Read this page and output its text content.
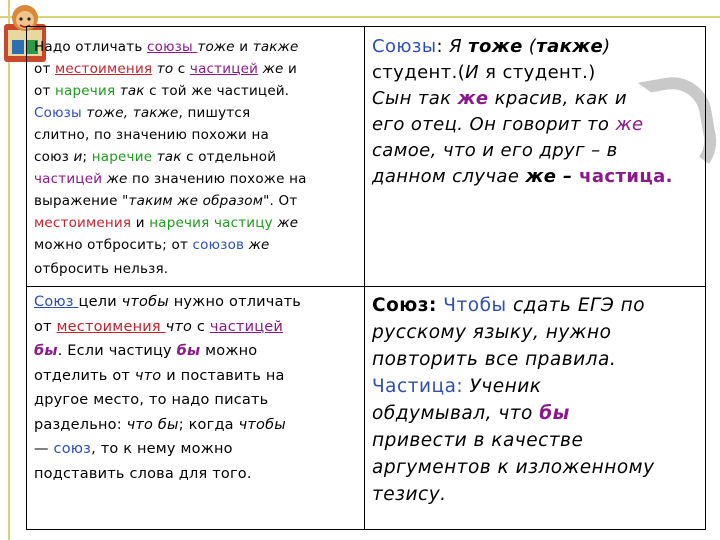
Надо отличать союзы тоже и также
от местоимения то с частицей же и
от наречия так с той же частицей.
Союзы тоже, также, пишутся
слитно, по значению похожи на
союз и; наречие так с отдельной
частицей же по значению похоже на
выражение "таким же образом". От
местоимения и наречия частицу же
можно отбросить; от союзов же
отбросить нельзя.
Союзы: Я тоже (также)
студент.(И я студент.)
Сын так же красив, как и
его отец. Он говорит то же
самое, что и его друг – в
данном случае же – частица.
Союз цели чтобы нужно отличать
от местоимения что с частицей
бы. Если частицу бы можно
отделить от что и поставить на
другое место, то надо писать
раздельно: что бы; когда чтобы
— союз, то к нему можно
подставить слова для того.
Союз: Чтобы сдать ЕГЭ по
русскому языку, нужно
повторить все правила.
Частица: Ученик
обдумывал, что бы
привести в качестве
аргументов к изложенному
тезису.
